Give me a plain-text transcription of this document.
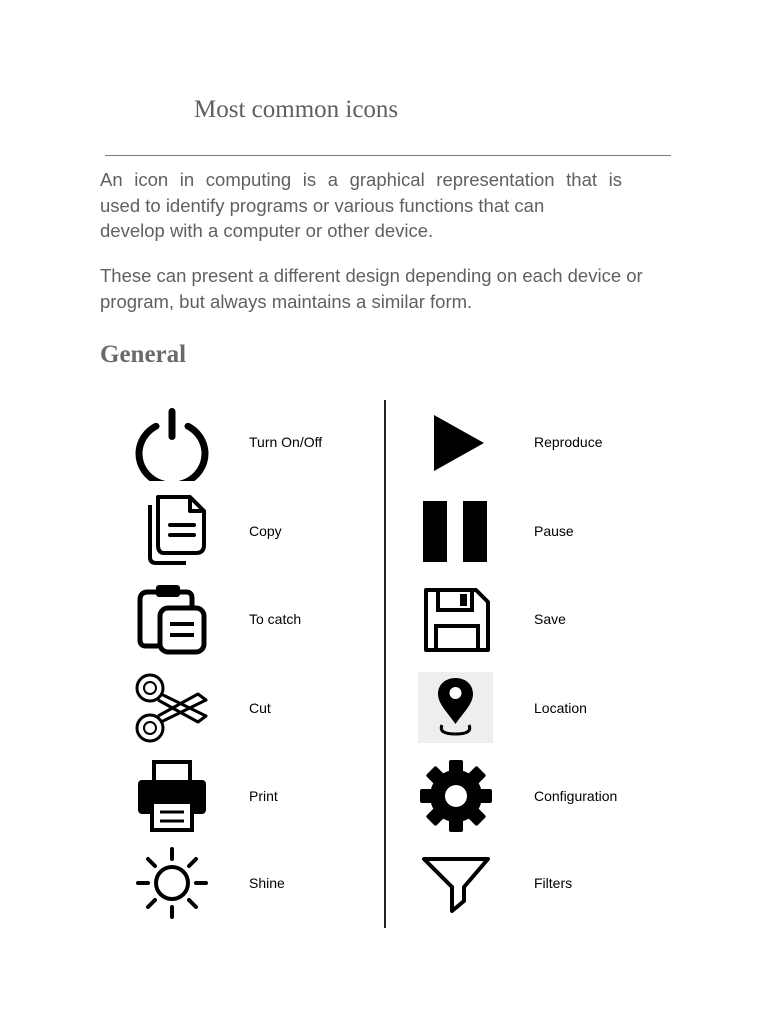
Most common icons

An icon in computing is a graphical representation that is
used to identify programs or various functions that can
develop with a computer or other device.

These can present a different design depending on each device or
program, but always maintains a similar form.

General
Turn On/Off
Copy
To catch
Cut
Print
Shine
Reproduce
Pause
Save
Location
Configuration
Filters
